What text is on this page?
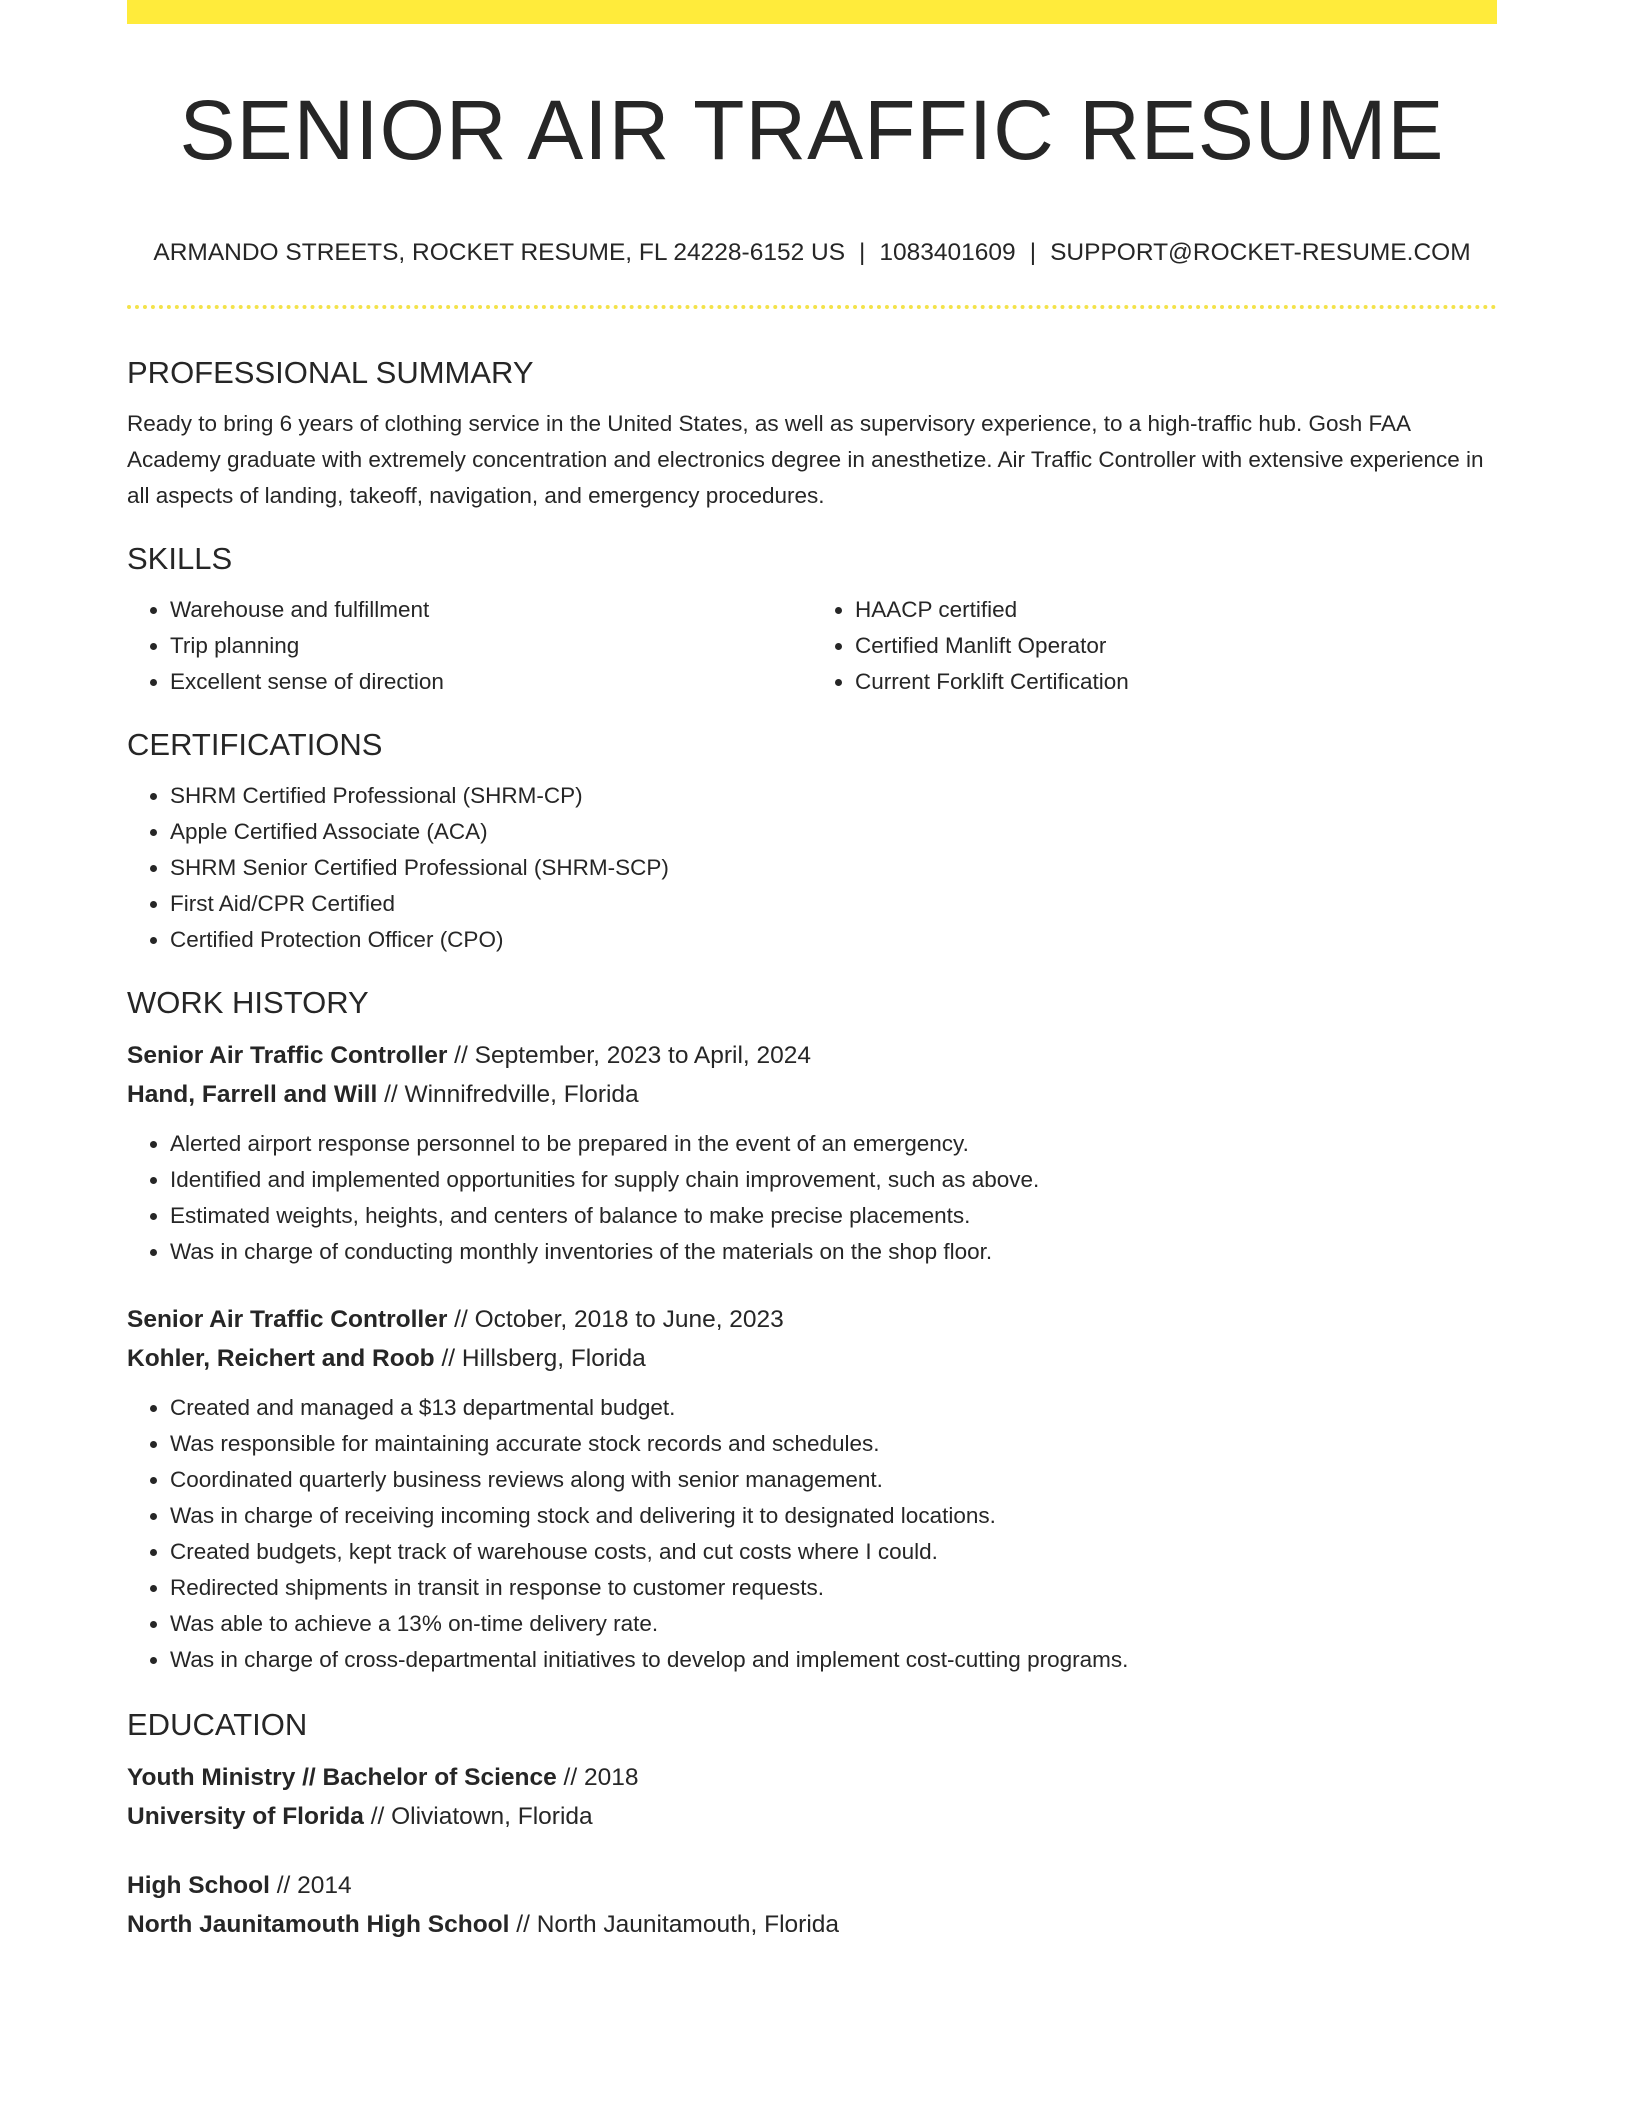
SENIOR AIR TRAFFIC RESUME
ARMANDO STREETS, ROCKET RESUME, FL 24228-6152 US | 1083401609 | SUPPORT@ROCKET-RESUME.COM
PROFESSIONAL SUMMARY

Ready to bring 6 years of clothing service in the United States, as well as supervisory experience, to a high-traffic hub. Gosh FAA Academy graduate with extremely concentration and electronics degree in anesthetize. Air Traffic Controller with extensive experience in all aspects of landing, takeoff, navigation, and emergency procedures.

SKILLS
• Warehouse and fulfillment
• Trip planning
• Excellent sense of direction
• HAACP certified
• Certified Manlift Operator
• Current Forklift Certification
CERTIFICATIONS
• SHRM Certified Professional (SHRM-CP)
• Apple Certified Associate (ACA)
• SHRM Senior Certified Professional (SHRM-SCP)
• First Aid/CPR Certified
• Certified Protection Officer (CPO)
WORK HISTORY
Senior Air Traffic Controller // September, 2023 to April, 2024
Hand, Farrell and Will // Winnifredville, Florida
• Alerted airport response personnel to be prepared in the event of an emergency.
• Identified and implemented opportunities for supply chain improvement, such as above.
• Estimated weights, heights, and centers of balance to make precise placements.
• Was in charge of conducting monthly inventories of the materials on the shop floor.
Senior Air Traffic Controller // October, 2018 to June, 2023
Kohler, Reichert and Roob // Hillsberg, Florida
• Created and managed a $13 departmental budget.
• Was responsible for maintaining accurate stock records and schedules.
• Coordinated quarterly business reviews along with senior management.
• Was in charge of receiving incoming stock and delivering it to designated locations.
• Created budgets, kept track of warehouse costs, and cut costs where I could.
• Redirected shipments in transit in response to customer requests.
• Was able to achieve a 13% on-time delivery rate.
• Was in charge of cross-departmental initiatives to develop and implement cost-cutting programs.
EDUCATION
Youth Ministry // Bachelor of Science // 2018
University of Florida // Oliviatown, Florida
High School // 2014
North Jaunitamouth High School // North Jaunitamouth, Florida
